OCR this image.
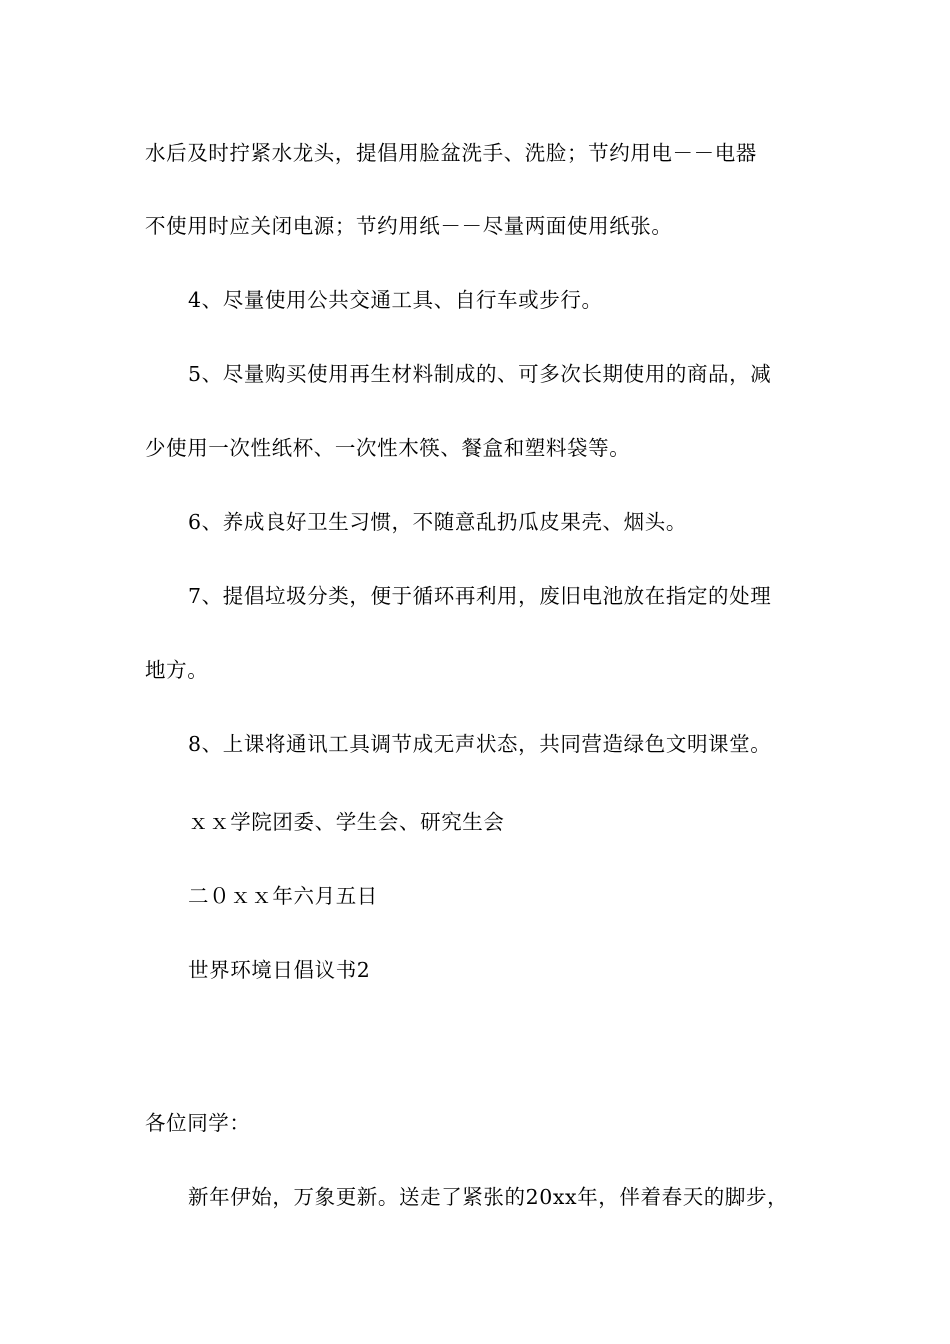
水后及时拧紧水龙头，提倡用脸盆洗手、洗脸；节约用电－－电器
不使用时应关闭电源；节约用纸－－尽量两面使用纸张。
4、尽量使用公共交通工具、自行车或步行。
5、尽量购买使用再生材料制成的、可多次长期使用的商品，减
少使用一次性纸杯、一次性木筷、餐盒和塑料袋等。
6、养成良好卫生习惯，不随意乱扔瓜皮果壳、烟头。
7、提倡垃圾分类，便于循环再利用，废旧电池放在指定的处理
地方。
8、上课将通讯工具调节成无声状态，共同营造绿色文明课堂。
ｘｘ学院团委、学生会、研究生会
二０ｘｘ年六月五日
世界环境日倡议书2
各位同学：
新年伊始，万象更新。送走了紧张的20xx年，伴着春天的脚步，
